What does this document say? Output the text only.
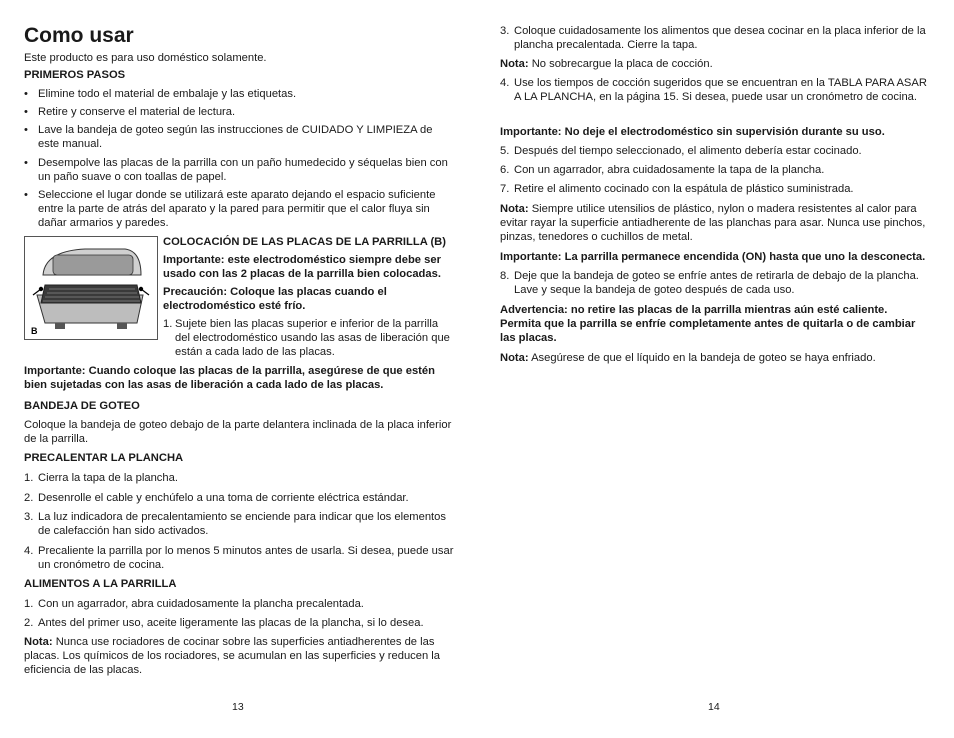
Como usar

Este producto es para uso doméstico solamente.

PRIMEROS PASOS

• Elimine todo el material de embalaje y las etiquetas.
• Retire y conserve el material de lectura.
• Lave la bandeja de goteo según las instrucciones de CUIDADO Y LIMPIEZA de este manual.
• Desempolve las placas de la parrilla con un paño humedecido y séquelas bien con un paño suave o con toallas de papel.
• Seleccione el lugar donde se utilizará este aparato dejando el espacio suficiente entre la parte de atrás del aparato y la pared para permitir que el calor fluya sin dañar armarios y paredes.
B

COLOCACIÓN DE LAS PLACAS DE LA PARRILLA (B)

Importante: este electrodoméstico siempre debe ser usado con las 2 placas de la parrilla bien colocadas.

Precaución: Coloque las placas cuando el electrodoméstico esté frío.

1. Sujete bien las placas superior e inferior de la parrilla del electrodoméstico usando las asas de liberación que están a cada lado de las placas.

Importante: Cuando coloque las placas de la parrilla, asegúrese de que estén bien sujetadas con las asas de liberación a cada lado de las placas.

BANDEJA DE GOTEO

Coloque la bandeja de goteo debajo de la parte delantera inclinada de la placa inferior de la parrilla.

PRECALENTAR LA PLANCHA

1. Cierra la tapa de la plancha.
2. Desenrolle el cable y enchúfelo a una toma de corriente eléctrica estándar.
3. La luz indicadora de precalentamiento se enciende para indicar que los elementos de calefacción han sido activados.
4. Precaliente la parrilla por lo menos 5 minutos antes de usarla. Si desea, puede usar un cronómetro de cocina.

ALIMENTOS A LA PARRILLA

1. Con un agarrador, abra cuidadosamente la plancha precalentada.
2. Antes del primer uso, aceite ligeramente las placas de la plancha, si lo desea.

Nota: Nunca use rociadores de cocinar sobre las superficies antiadherentes de las placas. Los químicos de los rociadores, se acumulan en las superficies y reducen la eficiencia de las placas.

13
3. Coloque cuidadosamente los alimentos que desea cocinar en la placa inferior de la plancha precalentada. Cierre la tapa.

Nota: No sobrecargue la placa de cocción.

4. Use los tiempos de cocción sugeridos que se encuentran en la TABLA PARA ASAR A LA PLANCHA, en la página 15. Si desea, puede usar un cronómetro de cocina.

Importante: No deje el electrodoméstico sin supervisión durante su uso.

5. Después del tiempo seleccionado, el alimento debería estar cocinado.
6. Con un agarrador, abra cuidadosamente la tapa de la plancha.
7. Retire el alimento cocinado con la espátula de plástico suministrada.

Nota: Siempre utilice utensilios de plástico, nylon o madera resistentes al calor para evitar rayar la superficie antiadherente de las planchas para asar. Nunca use pinchos, pinzas, tenedores o cuchillos de metal.

Importante: La parrilla permanece encendida (ON) hasta que uno la desconecta.

8. Deje que la bandeja de goteo se enfríe antes de retirarla de debajo de la plancha. Lave y seque la bandeja de goteo después de cada uso.

Advertencia: no retire las placas de la parrilla mientras aún esté caliente. Permita que la parrilla se enfríe completamente antes de quitarla o de cambiar las placas.

Nota: Asegúrese de que el líquido en la bandeja de goteo se haya enfriado.

14
